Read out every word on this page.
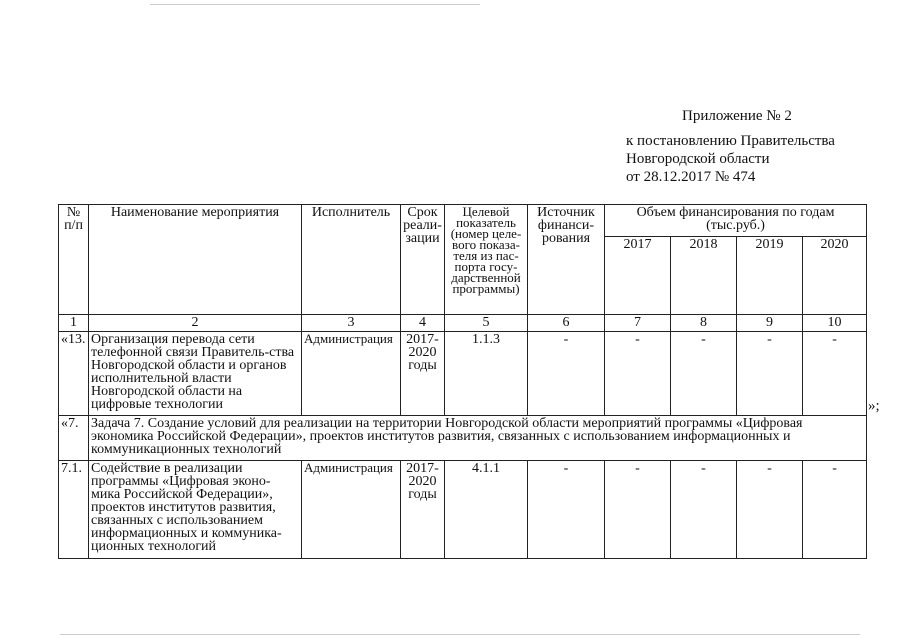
Приложение № 2
к постановлению Правительства
Новгородской области
от 28.12.2017 № 474
№ п/п	Наименование мероприятия	Исполнитель	Срок реали-зации	Целевой показатель (номер целе-вого показа-теля из пас-порта госу-дарственной программы)	Источник финанси-рования	Объем финансирования по годам (тыс.руб.)			
						2017	2018	2019	2020
1	2	3	4	5	6	7	8	9	10
«13.	Организация перевода сети телефонной связи Правитель-ства Новгородской области и органов исполнительной власти Новгородской области на цифровые технологии	Администрация	2017-2020 годы	1.1.3	-	-	-	-	-
«7.	Задача 7. Создание условий для реализации на территории Новгородской области мероприятий программы «Цифровая экономика Российской Федерации», проектов институтов развития, связанных с использованием информационных и коммуникационных технологий								
7.1.	Содействие в реализации программы «Цифровая эконо-мика Российской Федерации», проектов институтов развития, связанных с использованием информационных и коммуника-ционных технологий	Администрация	2017-2020 годы	4.1.1	-	-	-	-	-
»;
